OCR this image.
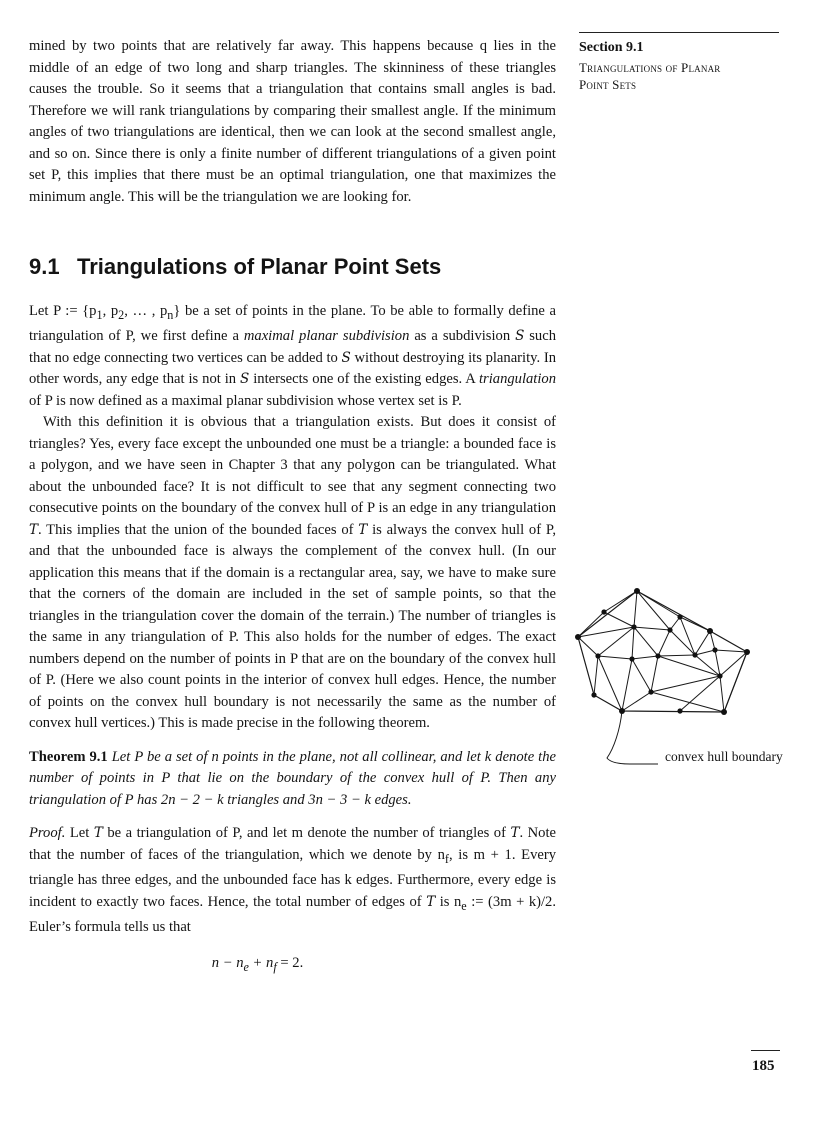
mined by two points that are relatively far away. This happens because q lies in the middle of an edge of two long and sharp triangles. The skinniness of these triangles causes the trouble. So it seems that a triangulation that contains small angles is bad. Therefore we will rank triangulations by comparing their smallest angle. If the minimum angles of two triangulations are identical, then we can look at the second smallest angle, and so on. Since there is only a finite number of different triangulations of a given point set P, this implies that there must be an optimal triangulation, one that maximizes the minimum angle. This will be the triangulation we are looking for.

9.1 Triangulations of Planar Point Sets

Let P := {$p_1$, $p_2$, … , $p_n$} be a set of points in the plane. To be able to formally define a triangulation of P, we first define a maximal planar subdivision as a subdivision S such that no edge connecting two vertices can be added to S without destroying its planarity. In other words, any edge that is not in S intersects one of the existing edges. A triangulation of P is now defined as a maximal planar subdivision whose vertex set is P.

With this definition it is obvious that a triangulation exists. But does it consist of triangles? Yes, every face except the unbounded one must be a triangle: a bounded face is a polygon, and we have seen in Chapter 3 that any polygon can be triangulated. What about the unbounded face? It is not difficult to see that any segment connecting two consecutive points on the boundary of the convex hull of P is an edge in any triangulation T. This implies that the union of the bounded faces of T is always the convex hull of P, and that the unbounded face is always the complement of the convex hull. (In our application this means that if the domain is a rectangular area, say, we have to make sure that the corners of the domain are included in the set of sample points, so that the triangles in the triangulation cover the domain of the terrain.) The number of triangles is the same in any triangulation of P. This also holds for the number of edges. The exact numbers depend on the number of points in P that are on the boundary of the convex hull of P. (Here we also count points in the interior of convex hull edges. Hence, the number of points on the convex hull boundary is not necessarily the same as the number of convex hull vertices.) This is made precise in the following theorem.

Theorem 9.1 Let P be a set of n points in the plane, not all collinear, and let k denote the number of points in P that lie on the boundary of the convex hull of P. Then any triangulation of P has 2n − 2 − k triangles and 3n − 3 − k edges.

Proof. Let T be a triangulation of P, and let m denote the number of triangles of T. Note that the number of faces of the triangulation, which we denote by $n_f$, is m + 1. Every triangle has three edges, and the unbounded face has k edges. Furthermore, every edge is incident to exactly two faces. Hence, the total number of edges of T is $n_e$ := (3m + k)/2. Euler’s formula tells us that

$n - n_e + n_f = 2$.

Section 9.1
Triangulations of Planar
Point Sets
convex hull boundary
185
